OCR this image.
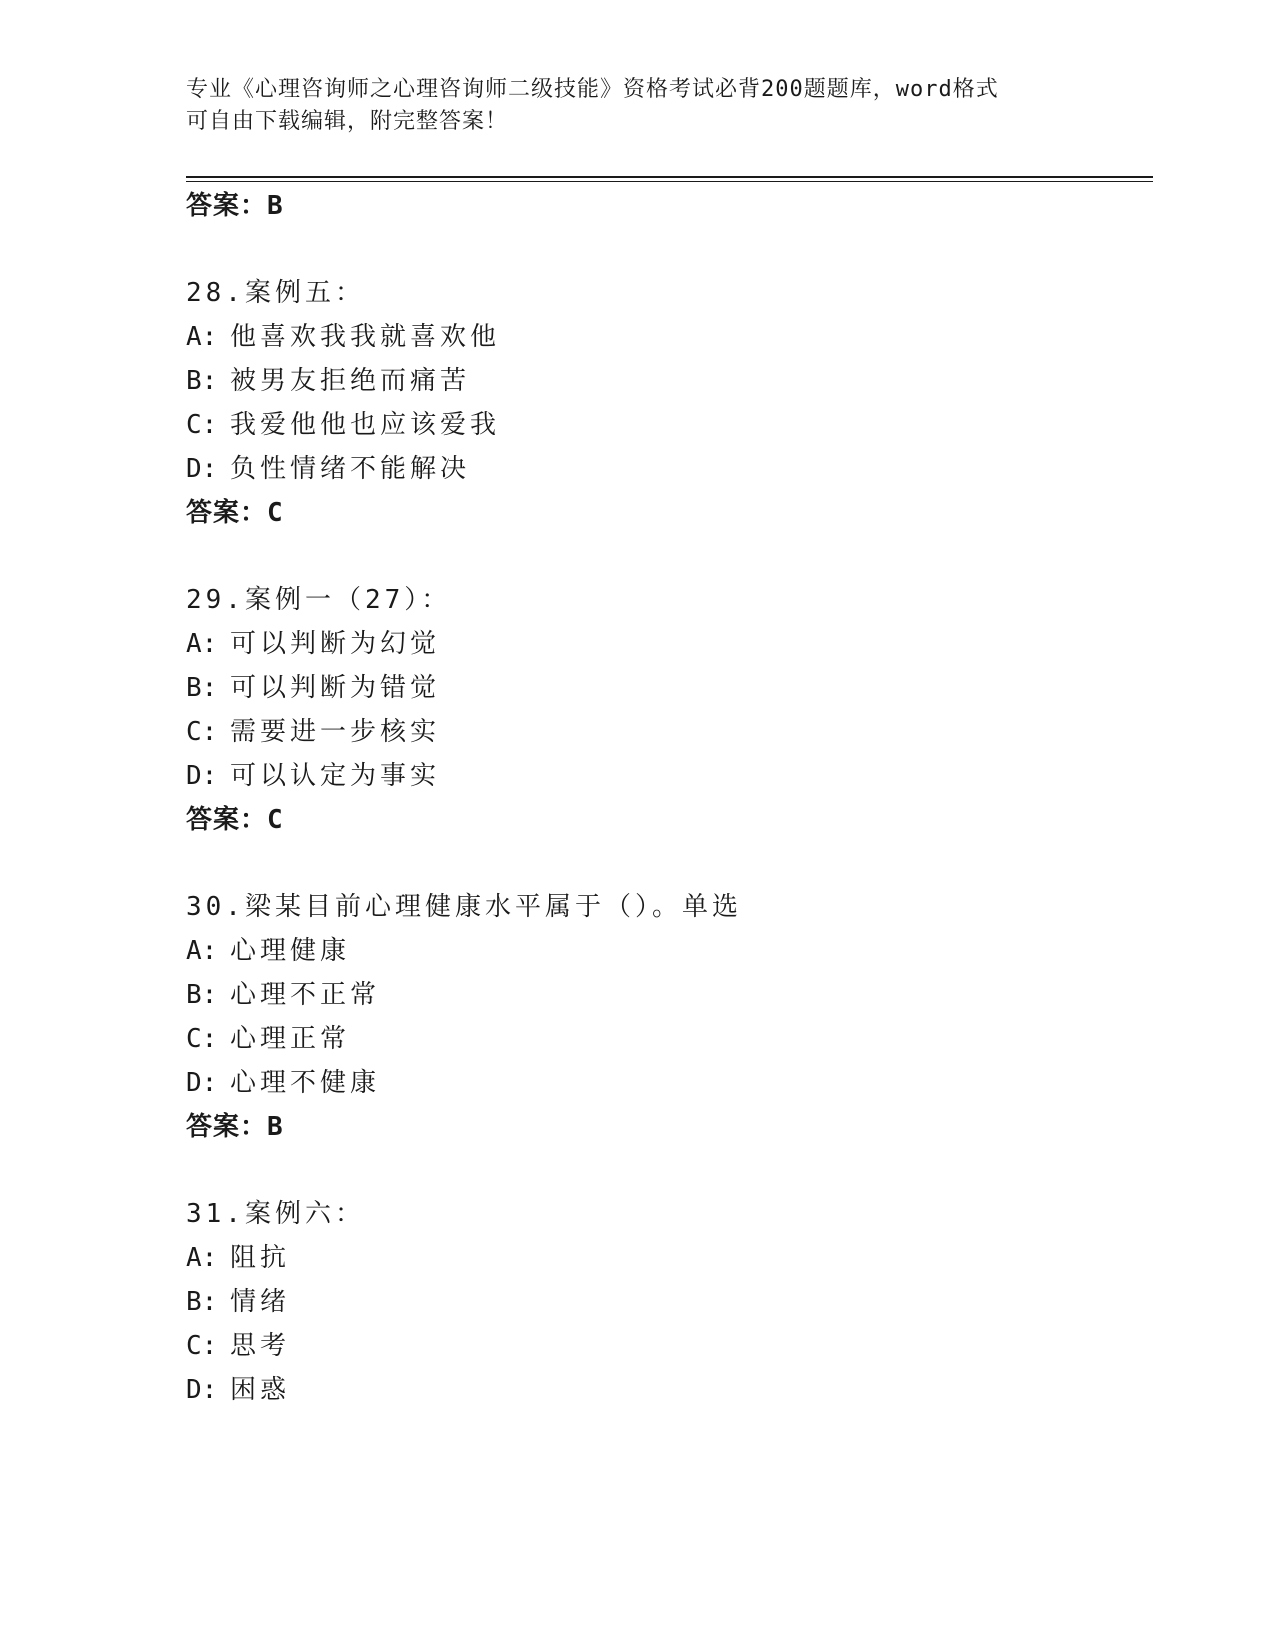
专业《心理咨询师之心理咨询师二级技能》资格考试必背200题题库，word格式
可自由下载编辑，附完整答案！
答案：B
28.案例五：
A: 他喜欢我我就喜欢他
B: 被男友拒绝而痛苦
C: 我爱他他也应该爱我
D: 负性情绪不能解决
答案：C
29.案例一（27）：
A: 可以判断为幻觉
B: 可以判断为错觉
C: 需要进一步核实
D: 可以认定为事实
答案：C
30.梁某目前心理健康水平属于（）。单选
A: 心理健康
B: 心理不正常
C: 心理正常
D: 心理不健康
答案：B
31.案例六：
A: 阻抗
B: 情绪
C: 思考
D: 困惑
